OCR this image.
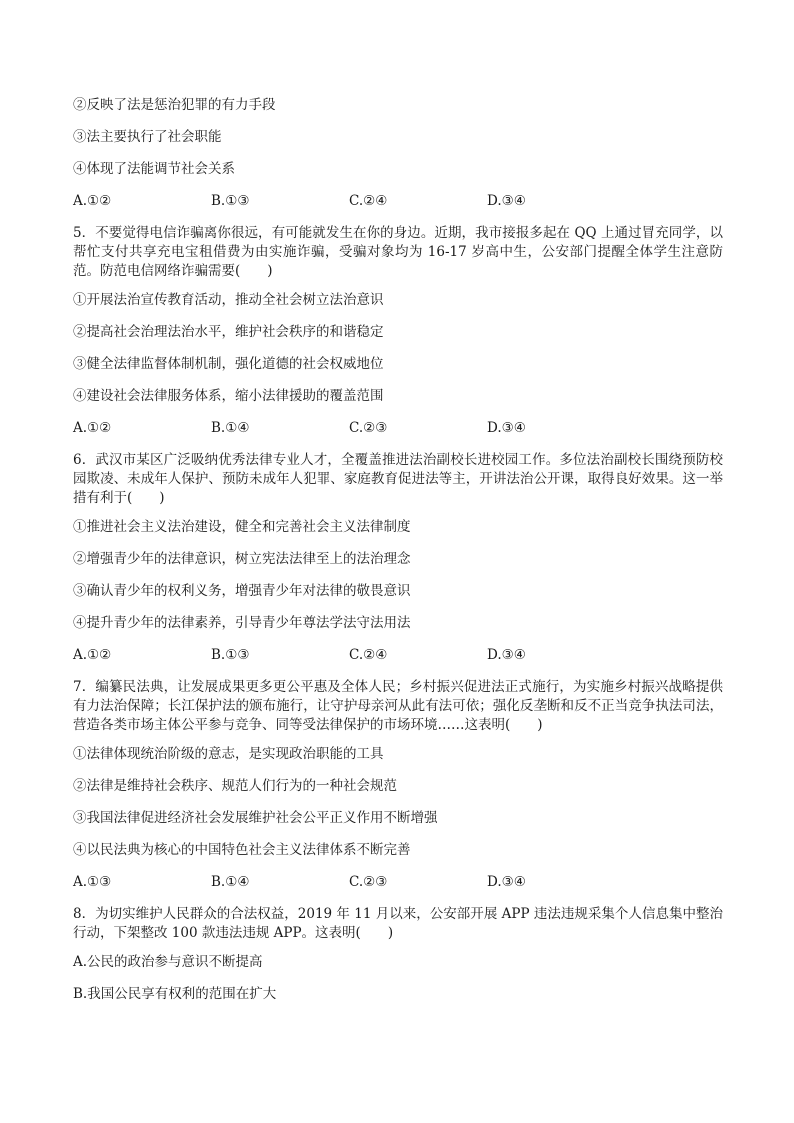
②反映了法是惩治犯罪的有力手段
③法主要执行了社会职能
④体现了法能调节社会关系
A.①②	B.①③	C.②④	D.③④
5．不要觉得电信诈骗离你很远，有可能就发生在你的身边。近期，我市接报多起在 QQ 上通过冒充同学，以帮忙支付共享充电宝租借费为由实施诈骗，受骗对象均为 16-17 岁高中生，公安部门提醒全体学生注意防范。防范电信网络诈骗需要(　　)
①开展法治宣传教育活动，推动全社会树立法治意识
②提高社会治理法治水平，维护社会秩序的和谐稳定
③健全法律监督体制机制，强化道德的社会权威地位
④建设社会法律服务体系，缩小法律援助的覆盖范围
A.①②	B.①④	C.②③	D.③④
6．武汉市某区广泛吸纳优秀法律专业人才，全覆盖推进法治副校长进校园工作。多位法治副校长围绕预防校园欺凌、未成年人保护、预防未成年人犯罪、家庭教育促进法等主，开讲法治公开课，取得良好效果。这一举措有利于(　　)
①推进社会主义法治建设，健全和完善社会主义法律制度
②增强青少年的法律意识，树立宪法法律至上的法治理念
③确认青少年的权利义务，增强青少年对法律的敬畏意识
④提升青少年的法律素养，引导青少年尊法学法守法用法
A.①②	B.①③	C.②④	D.③④
7．编纂民法典，让发展成果更多更公平惠及全体人民；乡村振兴促进法正式施行，为实施乡村振兴战略提供有力法治保障；长江保护法的颁布施行，让守护母亲河从此有法可依；强化反垄断和反不正当竞争执法司法，营造各类市场主体公平参与竞争、同等受法律保护的市场环境……这表明(　　)
①法律体现统治阶级的意志，是实现政治职能的工具
②法律是维持社会秩序、规范人们行为的一种社会规范
③我国法律促进经济社会发展维护社会公平正义作用不断增强
④以民法典为核心的中国特色社会主义法律体系不断完善
A.①③	B.①④	C.②③	D.③④
8．为切实维护人民群众的合法权益，2019 年 11 月以来，公安部开展 APP 违法违规采集个人信息集中整治行动，下架整改 100 款违法违规 APP。这表明(　　)
A.公民的政治参与意识不断提高
B.我国公民享有权利的范围在扩大
